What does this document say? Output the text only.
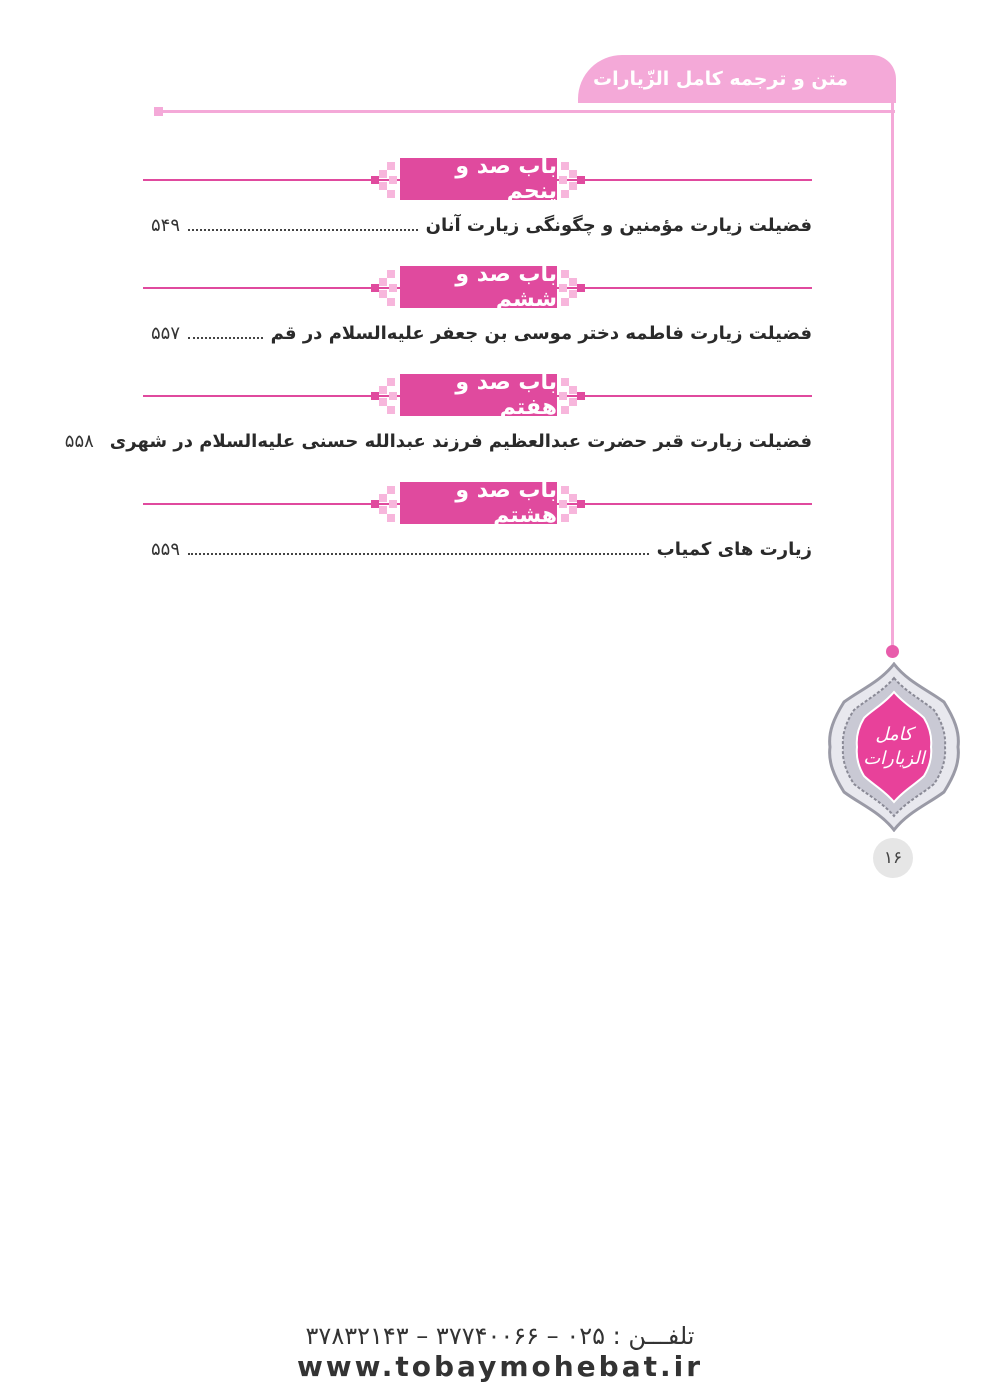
متن و ترجمه کامل الزّیارات
باب صد و پنجم
فضیلت زیارت مؤمنین و چگونگی زیارت آنان
۵۴۹
باب صد و ششم
فضیلت زیارت فاطمه دختر موسی بن جعفر علیه‌السلام در قم
۵۵۷
باب صد و هفتم
فضیلت زیارت قبر حضرت عبدالعظیم فرزند عبدالله حسنی علیه‌السلام در شهری
۵۵۸
باب صد و هشتم
زیارت های کمیاب
۵۵۹
کامل
الزیارات
۱۶
تلفـــن : ۰۲۵ – ۳۷۷۴۰۰۶۶ – ۳۷۸۳۲۱۴۳
www.tobaymohebat.ir
